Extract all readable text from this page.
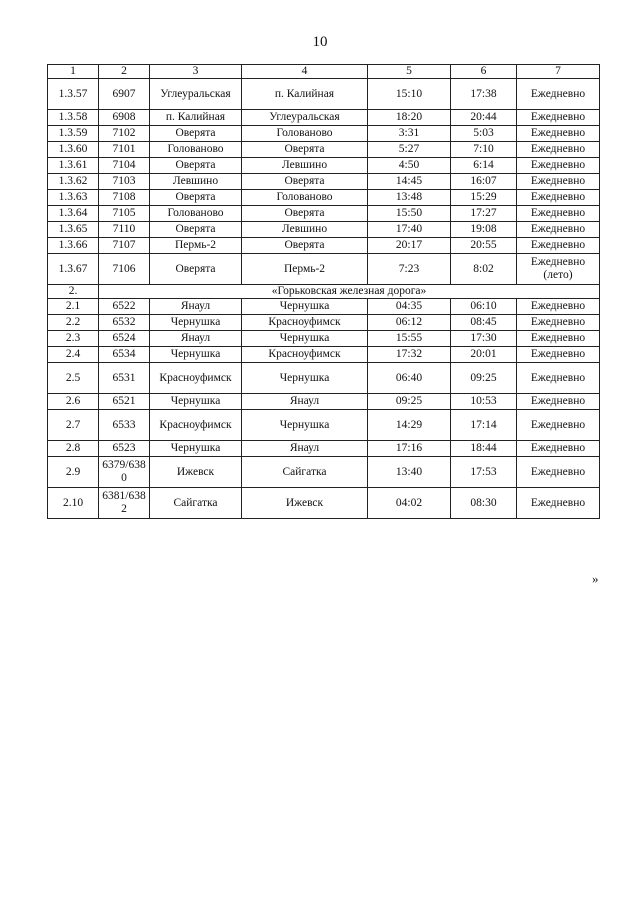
10
1	2	3	4	5	6	7
1.3.57	6907	Углеуральская	п. Калийная	15:10	17:38	Ежедневно
1.3.58	6908	п. Калийная	Углеуральская	18:20	20:44	Ежедневно
1.3.59	7102	Оверята	Голованово	3:31	5:03	Ежедневно
1.3.60	7101	Голованово	Оверята	5:27	7:10	Ежедневно
1.3.61	7104	Оверята	Левшино	4:50	6:14	Ежедневно
1.3.62	7103	Левшино	Оверята	14:45	16:07	Ежедневно
1.3.63	7108	Оверята	Голованово	13:48	15:29	Ежедневно
1.3.64	7105	Голованово	Оверята	15:50	17:27	Ежедневно
1.3.65	7110	Оверята	Левшино	17:40	19:08	Ежедневно
1.3.66	7107	Пермь-2	Оверята	20:17	20:55	Ежедневно
1.3.67	7106	Оверята	Пермь-2	7:23	8:02	Ежедневно (лето)
2.	«Горьковская железная дорога»					
2.1	6522	Янаул	Чернушка	04:35	06:10	Ежедневно
2.2	6532	Чернушка	Красноуфимск	06:12	08:45	Ежедневно
2.3	6524	Янаул	Чернушка	15:55	17:30	Ежедневно
2.4	6534	Чернушка	Красноуфимск	17:32	20:01	Ежедневно
2.5	6531	Красноуфимск	Чернушка	06:40	09:25	Ежедневно
2.6	6521	Чернушка	Янаул	09:25	10:53	Ежедневно
2.7	6533	Красноуфимск	Чернушка	14:29	17:14	Ежедневно
2.8	6523	Чернушка	Янаул	17:16	18:44	Ежедневно
2.9	6379/6380	Ижевск	Сайгатка	13:40	17:53	Ежедневно
2.10	6381/6382	Сайгатка	Ижевск	04:02	08:30	Ежедневно
»
